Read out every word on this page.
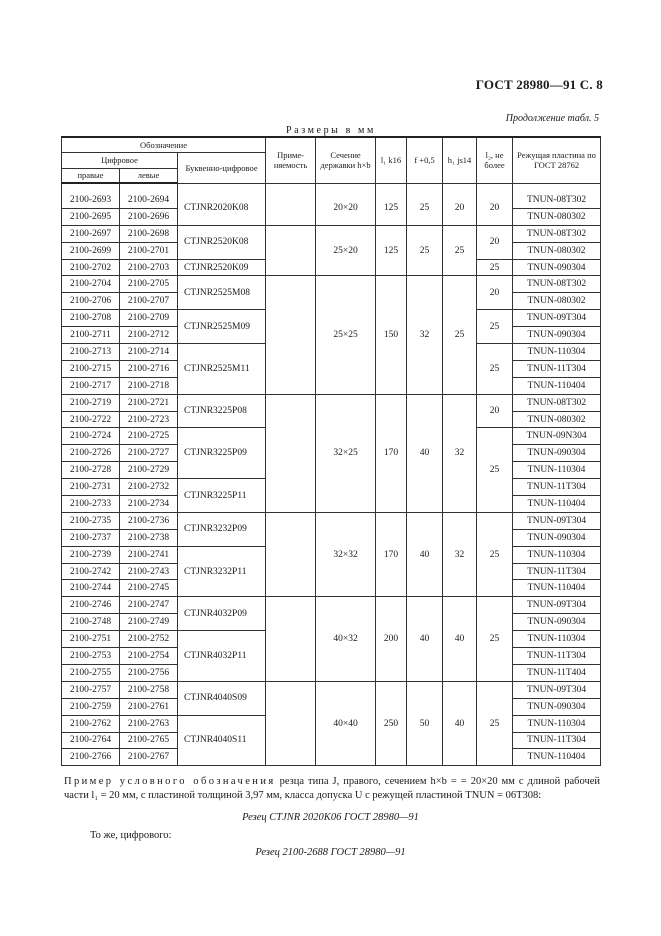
ГОСТ 28980—91 С. 8
Продолжение табл. 5
Размеры в мм
Обозначение			Приме-няемость	Сечение державки h×b	l₁ k16	f +0,5	h₁ js14	l₂, не более	Режущая пластина по ГОСТ 28762
Цифровое		Буквенно-цифровое							
правые	левые								

2100-2693	2100-2694	CTJNR2020K08		20×20	125	25	20	20	TNUN-08T302
2100-2695	2100-2696								TNUN-080302
2100-2697	2100-2698	CTJNR2520K08		25×20	125	25	25	20	TNUN-08T302
2100-2699	2100-2701								TNUN-080302
2100-2702	2100-2703	CTJNR2520K09						25	TNUN-090304
2100-2704	2100-2705	CTJNR2525M08		25×25	150	32	25	20	TNUN-08T302
2100-2706	2100-2707								TNUN-080302
2100-2708	2100-2709	CTJNR2525M09						25	TNUN-09T304
2100-2711	2100-2712								TNUN-090304
2100-2713	2100-2714	CTJNR2525M11						25	TNUN-110304
2100-2715	2100-2716								TNUN-11T304
2100-2717	2100-2718								TNUN-110404
2100-2719	2100-2721	CTJNR3225P08		32×25	170	40	32	20	TNUN-08T302
2100-2722	2100-2723								TNUN-080302
2100-2724	2100-2725	CTJNR3225P09						25	TNUN-09N304
2100-2726	2100-2727								TNUN-090304
2100-2728	2100-2729								TNUN-110304
2100-2731	2100-2732	CTJNR3225P11							TNUN-11T304
2100-2733	2100-2734								TNUN-110404
2100-2735	2100-2736	CTJNR3232P09		32×32	170	40	32	25	TNUN-09T304
2100-2737	2100-2738								TNUN-090304
2100-2739	2100-2741	CTJNR3232P11							TNUN-110304
2100-2742	2100-2743								TNUN-11T304
2100-2744	2100-2745								TNUN-110404
2100-2746	2100-2747	CTJNR4032P09		40×32	200	40	40	25	TNUN-09T304
2100-2748	2100-2749								TNUN-090304
2100-2751	2100-2752	CTJNR4032P11							TNUN-110304
2100-2753	2100-2754								TNUN-11T304
2100-2755	2100-2756								TNUN-11T404
2100-2757	2100-2758	CTJNR4040S09		40×40	250	50	40	25	TNUN-09T304
2100-2759	2100-2761								TNUN-090304
2100-2762	2100-2763	CTJNR4040S11							TNUN-110304
2100-2764	2100-2765								TNUN-11T304
2100-2766	2100-2767								TNUN-110404
Пример условного обозначения резца типа J, правого, сечением h×b = = 20×20 мм с длиной рабочей части l₁ = 20 мм, с пластиной толщиной 3,97 мм, класса допуска U с режущей пластиной TNUN = 06Т308:
Резец CTJNR 2020K06 ГОСТ 28980—91
То же, цифрового:
Резец 2100-2688 ГОСТ 28980—91
